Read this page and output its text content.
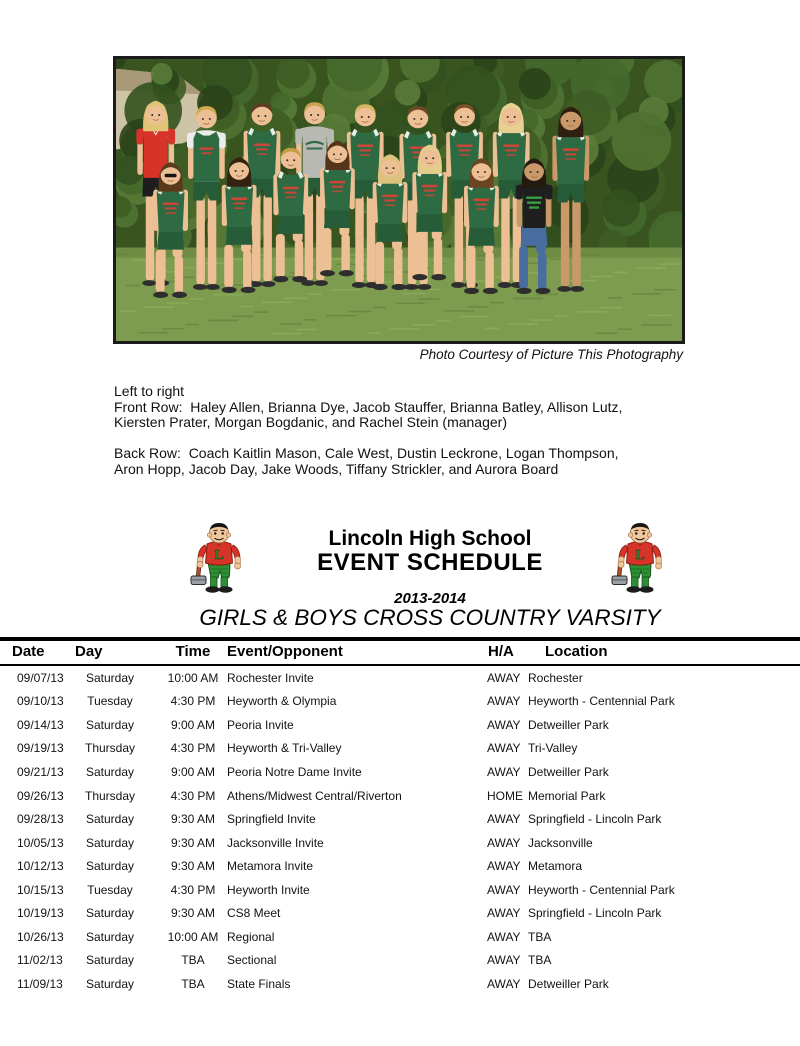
Photo Courtesy of Picture This Photography
Left to right
Front Row:  Haley Allen, Brianna Dye, Jacob Stauffer, Brianna Batley, Allison Lutz,
Kiersten Prater, Morgan Bogdanic, and Rachel Stein (manager)

Back Row:  Coach Kaitlin Mason, Cale West, Dustin Leckrone, Logan Thompson,
Aron Hopp, Jacob Day, Jake Woods, Tiffany Strickler, and Aurora Board
Lincoln High School
EVENT SCHEDULE
2013-2014
GIRLS & BOYS CROSS COUNTRY VARSITY
Date Day	Time	Event/Opponent	H/A Location
09/07/13	Saturday	10:00 AM Rochester Invite	AWAY Rochester
09/10/13	Tuesday	4:30 PM Heyworth & Olympia	AWAY Heyworth - Centennial Park
09/14/13	Saturday	9:00 AM Peoria Invite	AWAY Detweiller Park
09/19/13	Thursday	4:30 PM Heyworth & Tri-Valley	AWAY Tri-Valley
09/21/13	Saturday	9:00 AM Peoria Notre Dame Invite	AWAY Detweiller Park
09/26/13	Thursday	4:30 PM Athens/Midwest Central/Riverton	HOME Memorial Park
09/28/13	Saturday	9:30 AM Springfield Invite	AWAY Springfield - Lincoln Park
10/05/13	Saturday	9:30 AM Jacksonville Invite	AWAY Jacksonville
10/12/13	Saturday	9:30 AM Metamora Invite	AWAY Metamora
10/15/13	Tuesday	4:30 PM Heyworth Invite	AWAY Heyworth - Centennial Park
10/19/13	Saturday	9:30 AM CS8 Meet	AWAY Springfield - Lincoln Park
10/26/13	Saturday	10:00 AM Regional	AWAY TBA
11/02/13	Saturday	TBA	Sectional	AWAY TBA
11/09/13	Saturday	TBA	State Finals	AWAY Detweiller Park
